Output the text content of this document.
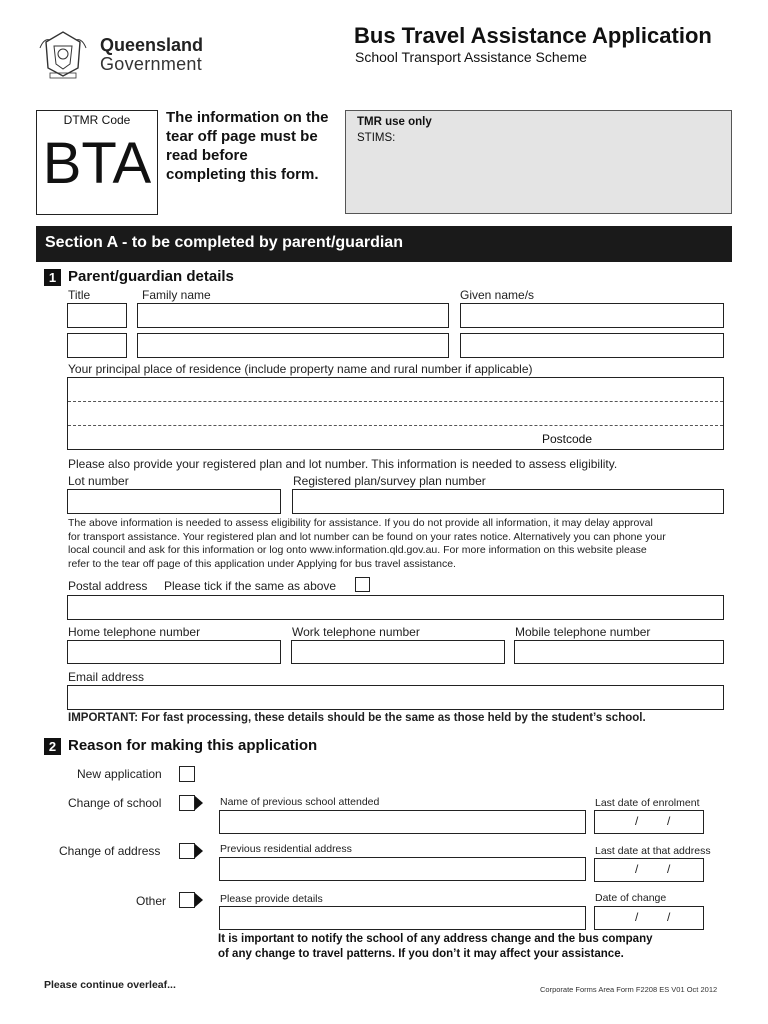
Queensland
Government
Bus Travel Assistance Application
School Transport Assistance Scheme
DTMR Code
BTA
The information on the
tear off page must be
read before
completing this form.
TMR use only
STIMS:
Section A - to be completed by parent/guardian
1 Parent/guardian details
Title	Family name	Given name/s
Your principal place of residence (include property name and rural number if applicable)
Postcode
Please also provide your registered plan and lot number. This information is needed to assess eligibility.
Lot number	Registered plan/survey plan number
The above information is needed to assess eligibility for assistance. If you do not provide all information, it may delay approval
for transport assistance. Your registered plan and lot number can be found on your rates notice. Alternatively you can phone your
local council and ask for this information or log onto www.information.qld.gov.au. For more information on this website please
refer to the tear off page of this application under Applying for bus travel assistance.
Postal address Please tick if the same as above
Home telephone number	Work telephone number	Mobile telephone number
Email address
IMPORTANT: For fast processing, these details should be the same as those held by the student’s school.
2 Reason for making this application
New application
Change of school	Name of previous school attended	Last date of enrolment
/ /
Change of address	Previous residential address	Last date at that address
/ /
Other	Please provide details	Date of change
/ /
It is important to notify the school of any address change and the bus company
of any change to travel patterns. If you don’t it may affect your assistance.
Please continue overleaf...	Corporate Forms Area Form F2208 ES V01 Oct 2012
